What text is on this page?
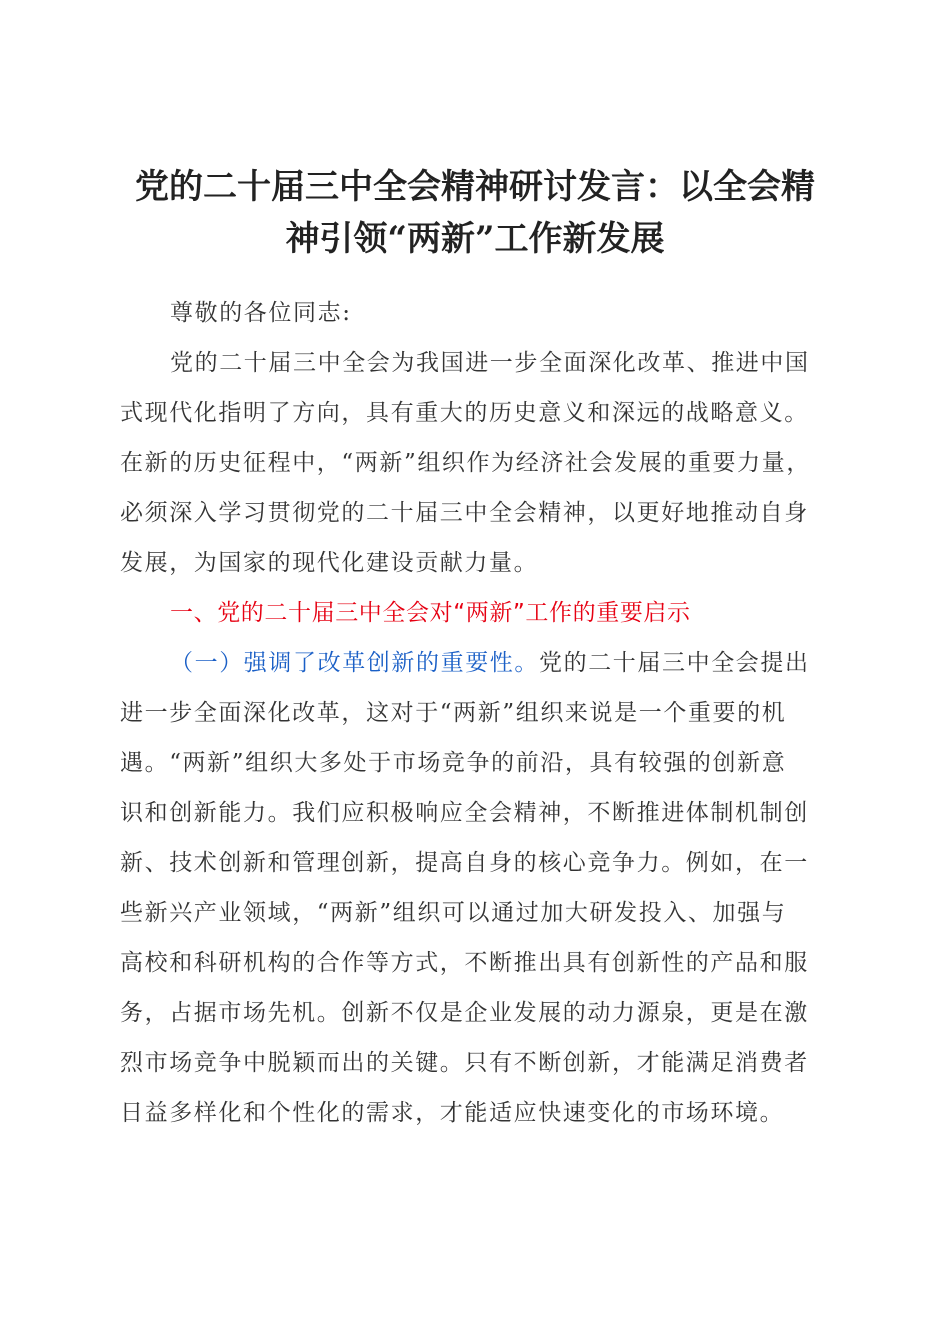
党的二十届三中全会精神研讨发言：以全会精
神引领“两新”工作新发展
尊敬的各位同志:
党的二十届三中全会为我国进一步全面深化改革、推进中国
式现代化指明了方向，具有重大的历史意义和深远的战略意义。
在新的历史征程中，“两新”组织作为经济社会发展的重要力量，
必须深入学习贯彻党的二十届三中全会精神，以更好地推动自身
发展，为国家的现代化建设贡献力量。
一、党的二十届三中全会对“两新”工作的重要启示
（一）强调了改革创新的重要性。党的二十届三中全会提出
进一步全面深化改革，这对于“两新”组织来说是一个重要的机
遇。“两新”组织大多处于市场竞争的前沿，具有较强的创新意
识和创新能力。我们应积极响应全会精神，不断推进体制机制创
新、技术创新和管理创新，提高自身的核心竞争力。例如，在一
些新兴产业领域，“两新”组织可以通过加大研发投入、加强与
高校和科研机构的合作等方式，不断推出具有创新性的产品和服
务，占据市场先机。创新不仅是企业发展的动力源泉，更是在激
烈市场竞争中脱颖而出的关键。只有不断创新，才能满足消费者
日益多样化和个性化的需求，才能适应快速变化的市场环境。
